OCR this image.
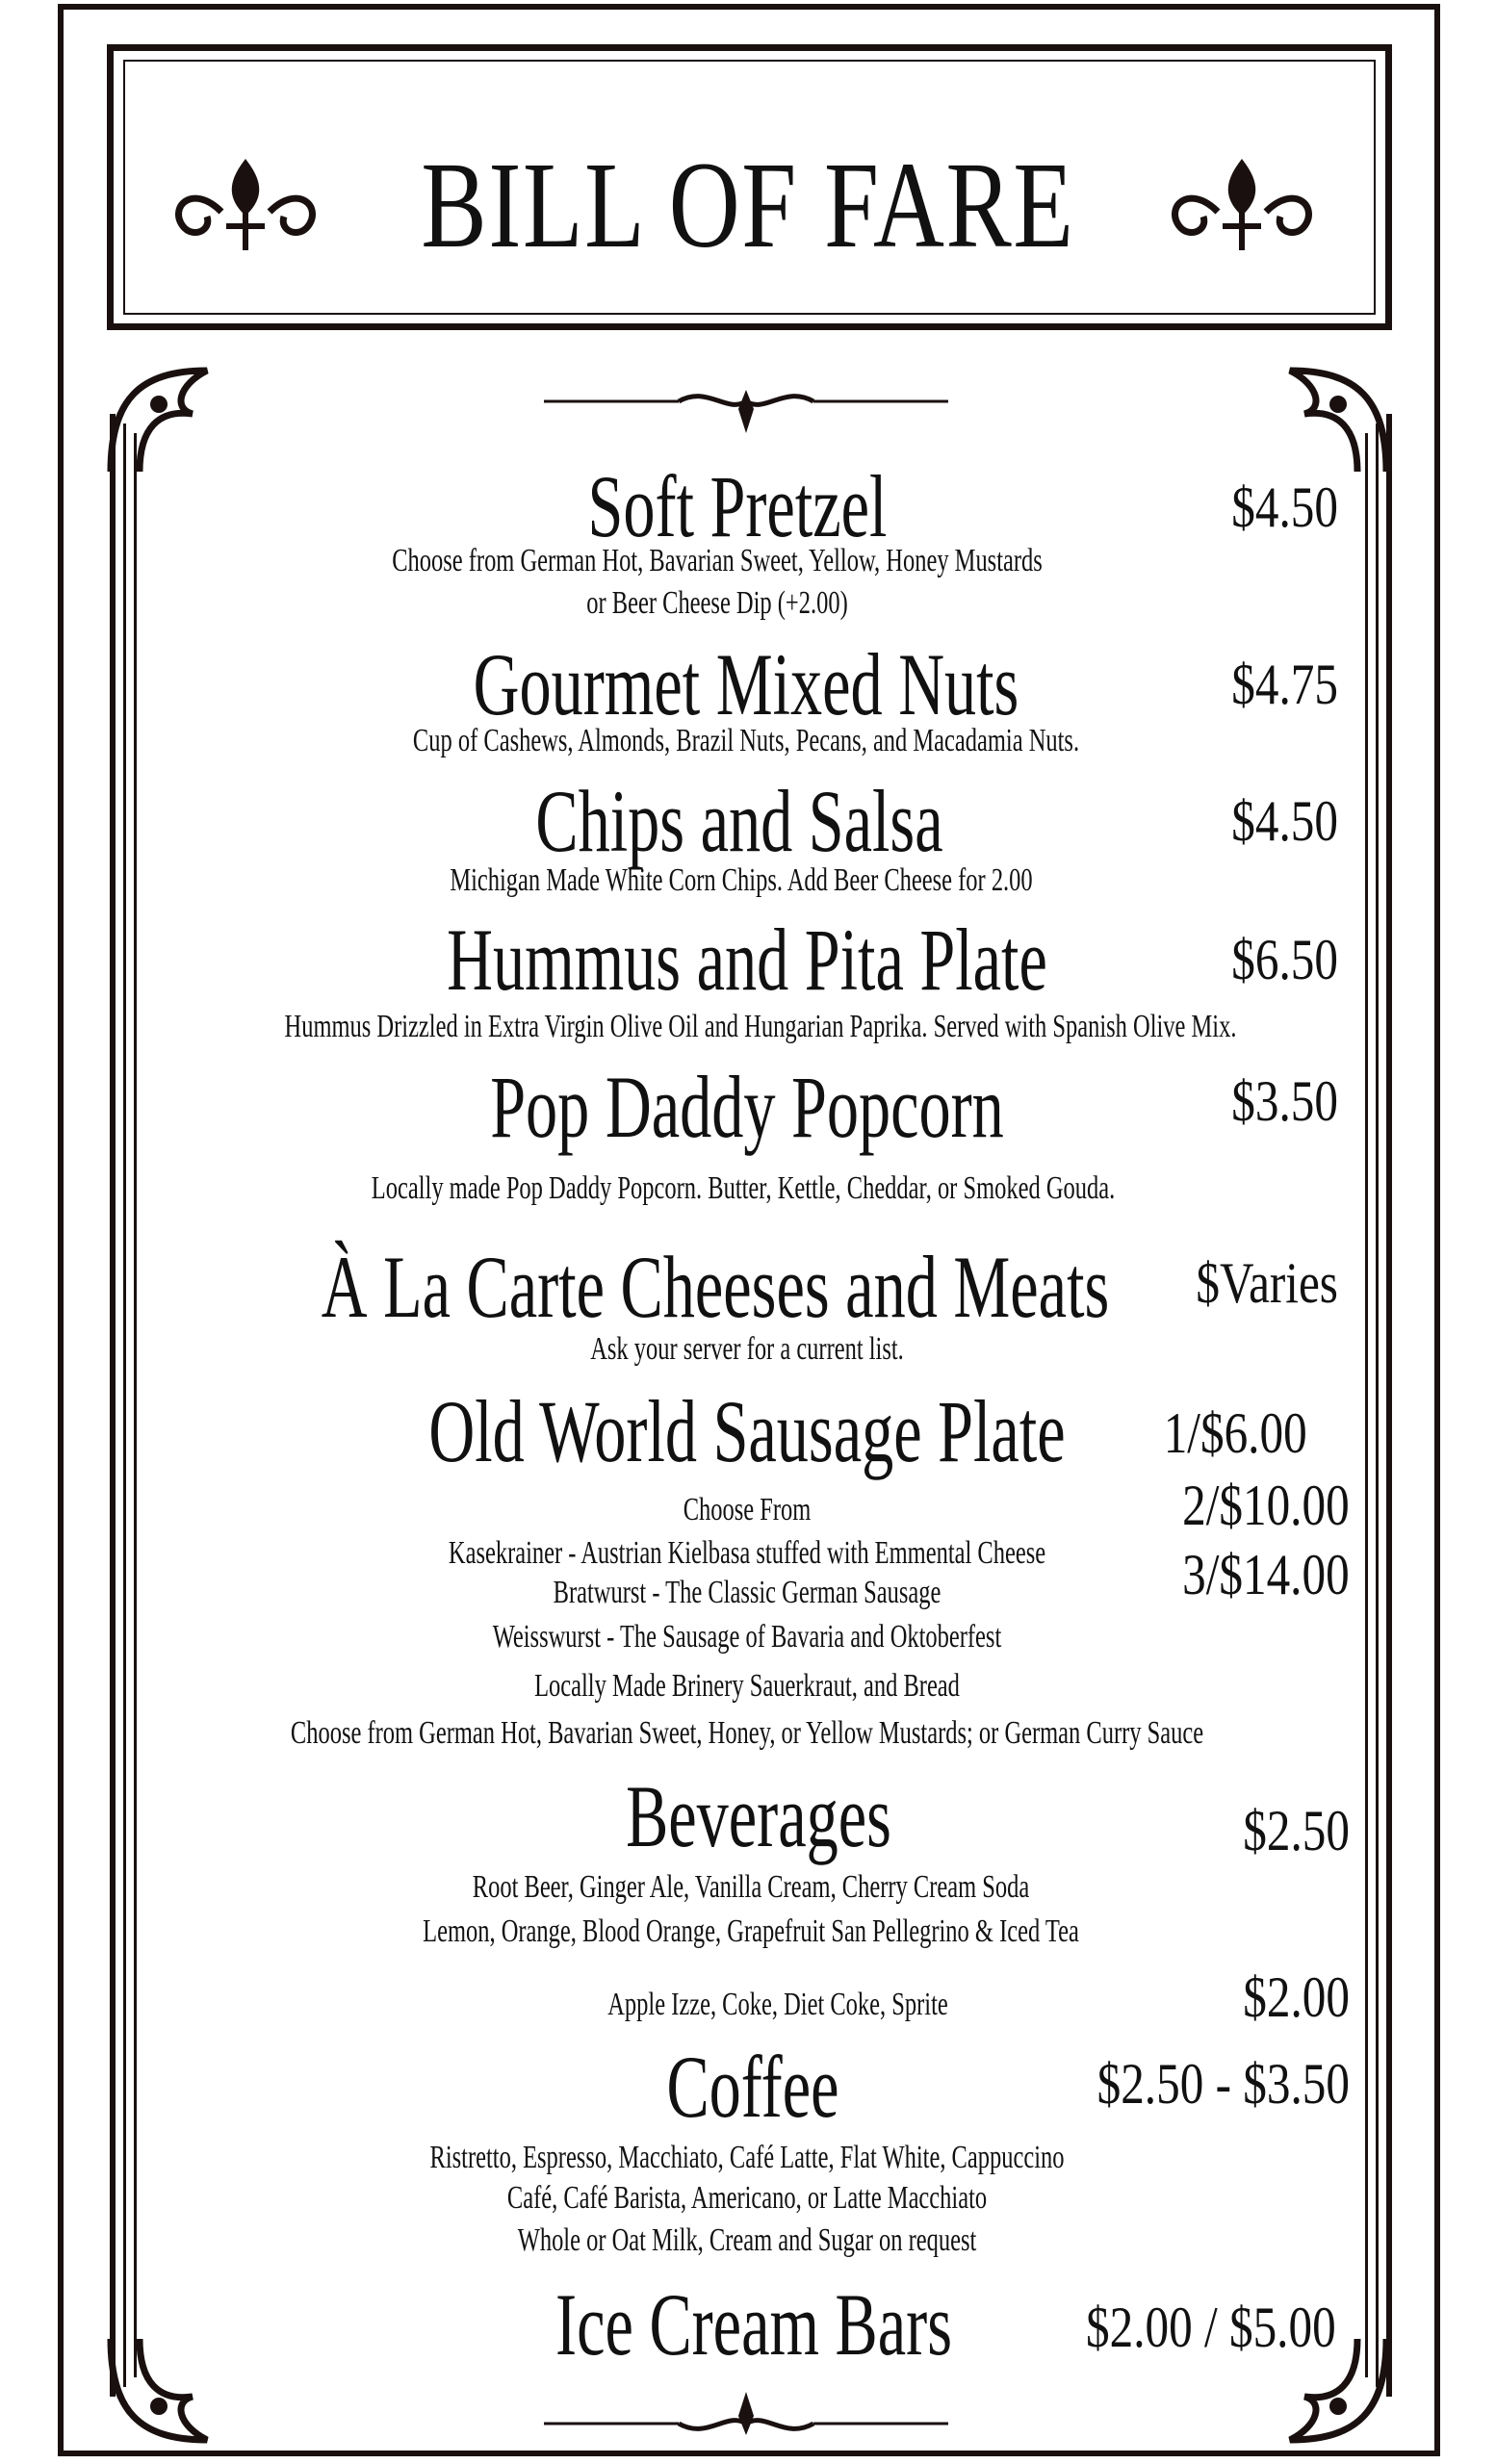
BILL OF FARE
Soft Pretzel	$4.50
Choose from German Hot, Bavarian Sweet, Yellow, Honey Mustards
or Beer Cheese Dip (+2.00)
Gourmet Mixed Nuts	$4.75
Cup of Cashews, Almonds, Brazil Nuts, Pecans, and Macadamia Nuts.
Chips and Salsa	$4.50
Michigan Made White Corn Chips. Add Beer Cheese for 2.00
Hummus and Pita Plate	$6.50
Hummus Drizzled in Extra Virgin Olive Oil and Hungarian Paprika. Served with Spanish Olive Mix.
Pop Daddy Popcorn	$3.50
Locally made Pop Daddy Popcorn. Butter, Kettle, Cheddar, or Smoked Gouda.
À La Carte Cheeses and Meats $Varies
Ask your server for a current list.
Old World Sausage Plate 1/$6.00
2/$10.00
3/$14.00
Choose From
Kasekrainer - Austrian Kielbasa stuffed with Emmental Cheese
Bratwurst - The Classic German Sausage
Weisswurst - The Sausage of Bavaria and Oktoberfest
Locally Made Brinery Sauerkraut, and Bread
Choose from German Hot, Bavarian Sweet, Honey, or Yellow Mustards; or German Curry Sauce
Beverages	$2.50
Root Beer, Ginger Ale, Vanilla Cream, Cherry Cream Soda
Lemon, Orange, Blood Orange, Grapefruit San Pellegrino & Iced Tea
Apple Izze, Coke, Diet Coke, Sprite	$2.00
Coffee	$2.50 - $3.50
Ristretto, Espresso, Macchiato, Café Latte, Flat White, Cappuccino
Café, Café Barista, Americano, or Latte Macchiato
Whole or Oat Milk, Cream and Sugar on request
Ice Cream Bars $2.00 / $5.00
